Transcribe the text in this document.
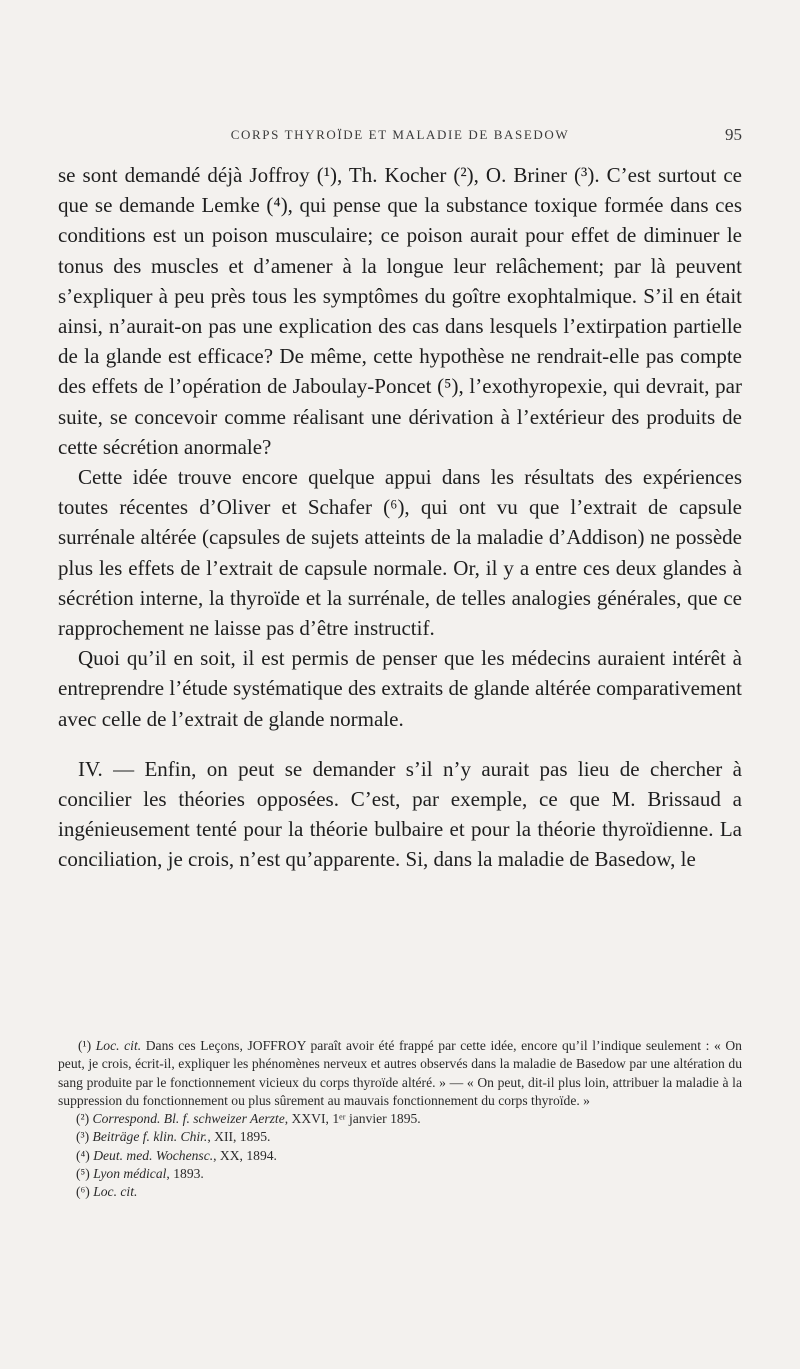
CORPS THYROÏDE ET MALADIE DE BASEDOW	95

se sont demandé déjà Joffroy (¹), Th. Kocher (²), O. Briner (³). C’est surtout ce que se demande Lemke (⁴), qui pense que la substance toxique formée dans ces conditions est un poison musculaire; ce poison aurait pour effet de diminuer le tonus des muscles et d’amener à la longue leur relâchement; par là peuvent s’expliquer à peu près tous les symptômes du goître exophtalmique. S’il en était ainsi, n’aurait-on pas une explication des cas dans lesquels l’extirpation partielle de la glande est efficace? De même, cette hypothèse ne rendrait-elle pas compte des effets de l’opération de Jaboulay-Poncet (⁵), l’exothyropexie, qui devrait, par suite, se concevoir comme réalisant une dérivation à l’extérieur des produits de cette sécrétion anormale?

Cette idée trouve encore quelque appui dans les résultats des expériences toutes récentes d’Oliver et Schafer (⁶), qui ont vu que l’extrait de capsule surrénale altérée (capsules de sujets atteints de la maladie d’Addison) ne possède plus les effets de l’extrait de capsule normale. Or, il y a entre ces deux glandes à sécrétion interne, la thyroïde et la surrénale, de telles analogies générales, que ce rapprochement ne laisse pas d’être instructif.

Quoi qu’il en soit, il est permis de penser que les médecins auraient intérêt à entreprendre l’étude systématique des extraits de glande altérée comparativement avec celle de l’extrait de glande normale.

IV. — Enfin, on peut se demander s’il n’y aurait pas lieu de chercher à concilier les théories opposées. C’est, par exemple, ce que M. Brissaud a ingénieusement tenté pour la théorie bulbaire et pour la théorie thyroïdienne. La conciliation, je crois, n’est qu’apparente. Si, dans la maladie de Basedow, le

(¹) Loc. cit. Dans ces Leçons, JOFFROY paraît avoir été frappé par cette idée, encore qu’il l’indique seulement : « On peut, je crois, écrit-il, expliquer les phénomènes nerveux et autres observés dans la maladie de Basedow par une altération du sang produite par le fonctionnement vicieux du corps thyroïde altéré. » — « On peut, dit-il plus loin, attribuer la maladie à la suppression du fonctionnement ou plus sûrement au mauvais fonctionnement du corps thyroïde. »

(²) Correspond. Bl. f. schweizer Aerzte, XXVI, 1ᵉʳ janvier 1895.

(³) Beiträge f. klin. Chir., XII, 1895.

(⁴) Deut. med. Wochensc., XX, 1894.

(⁵) Lyon médical, 1893.

(⁶) Loc. cit.
